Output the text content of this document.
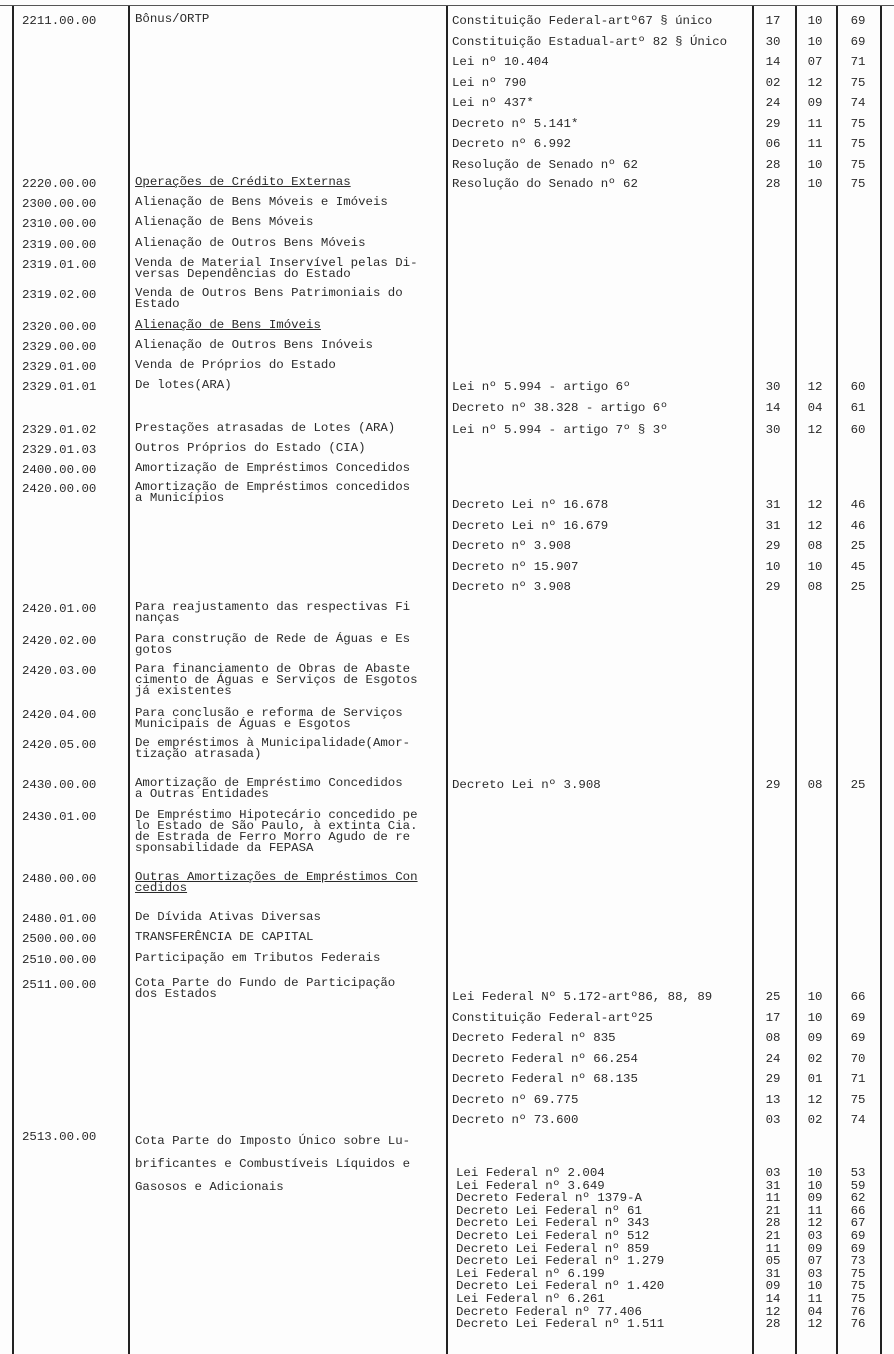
2211.00.00	Bônus/ORTP	Constituição Federal-artº67 § único	17	10	69
Constituição Estadual-artº 82 § Único	30	10	69
Lei nº 10.404	14	07	71
Lei nº 790	02	12	75
Lei nº 437*	24	09	74
Decreto nº 5.141*	29	11	75
Decreto nº 6.992	06	11	75
Resolução de Senado nº 62	28	10	75
2220.00.00	Operações de Crédito Externas	Resolução do Senado nº 62	28	10	75
2300.00.00	Alienação de Bens Móveis e Imóveis
2310.00.00	Alienação de Bens Móveis
2319.00.00	Alienação de Outros Bens Móveis
2319.01.00	Venda de Material Inservível pelas Di-
versas Dependências do Estado
2319.02.00	Venda de Outros Bens Patrimoniais do
Estado
2320.00.00	Alienação de Bens Imóveis
2329.00.00	Alienação de Outros Bens Inóveis
2329.01.00	Venda de Próprios do Estado
2329.01.01	De lotes(ARA)	Lei nº 5.994 - artigo 6º	30	12	60
Decreto nº 38.328 - artigo 6º	14	04	61
2329.01.02	Prestações atrasadas de Lotes (ARA)	Lei nº 5.994 - artigo 7º § 3º	30	12	60
2329.01.03	Outros Próprios do Estado (CIA)
2400.00.00	Amortização de Empréstimos Concedidos
2420.00.00	Amortização de Empréstimos concedidos
a Municípios	Decreto Lei nº 16.678	31	12	46
Decreto Lei nº 16.679	31	12	46
Decreto nº 3.908	29	08	25
Decreto nº 15.907	10	10	45
Decreto nº 3.908	29	08	25
2420.01.00	Para reajustamento das respectivas Fi
nanças
2420.02.00	Para construção de Rede de Águas e Es
gotos
2420.03.00	Para financiamento de Obras de Abaste
cimento de Águas e Serviços de Esgotos
já existentes
2420.04.00	Para conclusão e reforma de Serviços
Municipais de Águas e Esgotos
2420.05.00	De empréstimos à Municipalidade(Amor-
tização atrasada)
2430.00.00	Amortização de Empréstimo Concedidos
a Outras Entidades
Decreto Lei nº 3.908	29	08	25
2430.01.00	De Empréstimo Hipotecário concedido pe
lo Estado de São Paulo, à extinta Cia.
de Estrada de Ferro Morro Agudo de re
sponsabilidade da FEPASA
2480.00.00	Outras Amortizações de Empréstimos Con
cedidos
2480.01.00	De Dívida Ativas Diversas
2500.00.00	TRANSFERÊNCIA DE CAPITAL
2510.00.00	Participação em Tributos Federais
2511.00.00	Cota Parte do Fundo de Participação
dos Estados	Lei Federal Nº 5.172-artº86, 88, 89	25	10	66
Constituição Federal-artº25	17	10	69
Decreto Federal nº 835	08	09	69
Decreto Federal nº 66.254	24	02	70
Decreto Federal nº 68.135	29	01	71
Decreto nº 69.775	13	12	75
Decreto nº 73.600	03	02	74
2513.00.00	Cota Parte do Imposto Único sobre Lu-
brificantes e Combustíveis Líquidos e
Gasosos e Adicionais
Lei Federal nº 2.004	03	10	53
Lei Federal nº 3.649	31	10	59
Decreto Federal nº 1379-A	11	09	62
Decreto Lei Federal nº 61	21	11	66
Decreto Lei Federal nº 343	28	12	67
Decreto Lei Federal nº 512	21	03	69
Decreto Lei Federal nº 859	11	09	69
Decreto Lei Federal nº 1.279	05	07	73
Lei Federal nº 6.199	31	03	75
Decreto Lei Federal nº 1.420	09	10	75
Lei Federal nº 6.261	14	11	75
Decreto Federal nº 77.406	12	04	76
Decreto Lei Federal nº 1.511	28	12	76
